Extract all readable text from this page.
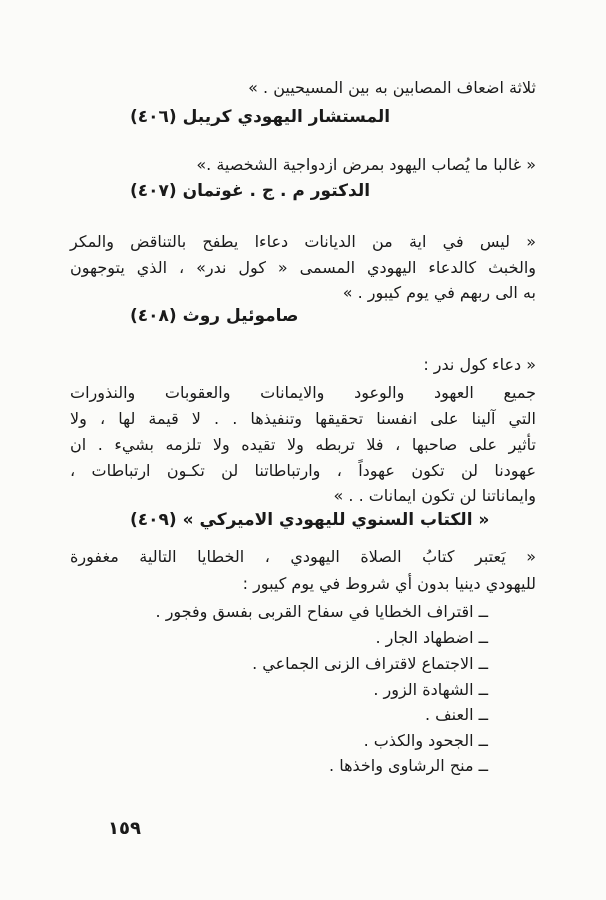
ثلاثة اضعاف المصابين به بين المسيحيين . »
المستشار اليهودي كريبل (٤٠٦)
« غالبا ما يُصاب اليهود بمرض ازدواجية الشخصية .»
الدكتور م . ج . غوتمان (٤٠٧)
« ليس في اية من الديانات دعاءا يطفح بالتناقض والمكر
والخبث كالدعاء اليهودي المسمى « كول ندر» ، الذي يتوجهون
به الى ربهم في يوم كيبور . »
صاموئيل روث (٤٠٨)
« دعاء كول ندر :
جميع العهود والوعود والايمانات والعقوبات والنذورات
التي آلينا على انفسنا تحقيقها وتنفيذها . . لا قيمة لها ، ولا
تأثير على صاحبها ، فلا تربطه ولا تقيده ولا تلزمه بشيء . ان
عهودنا لن تكون عهوداً ، وارتباطاتنا لن تكـون ارتباطات ،
وايماناتنا لن تكون ايمانات . . »
« الكتاب السنوي لليهودي الاميركي » (٤٠٩)
« يَعتبر كتابُ الصلاة اليهودي ، الخطايا التالية مغفورة
لليهودي دينيا بدون أي شروط في يوم كيبور :
ــ اقتراف الخطايا في سفاح القربى بفسق وفجور .
ــ اضطهاد الجار .
ــ الاجتماع لاقتراف الزنى الجماعي .
ــ الشهادة الزور .
ــ العنف .
ــ الجحود والكذب .
ــ منح الرشاوى واخذها .
١٥٩
